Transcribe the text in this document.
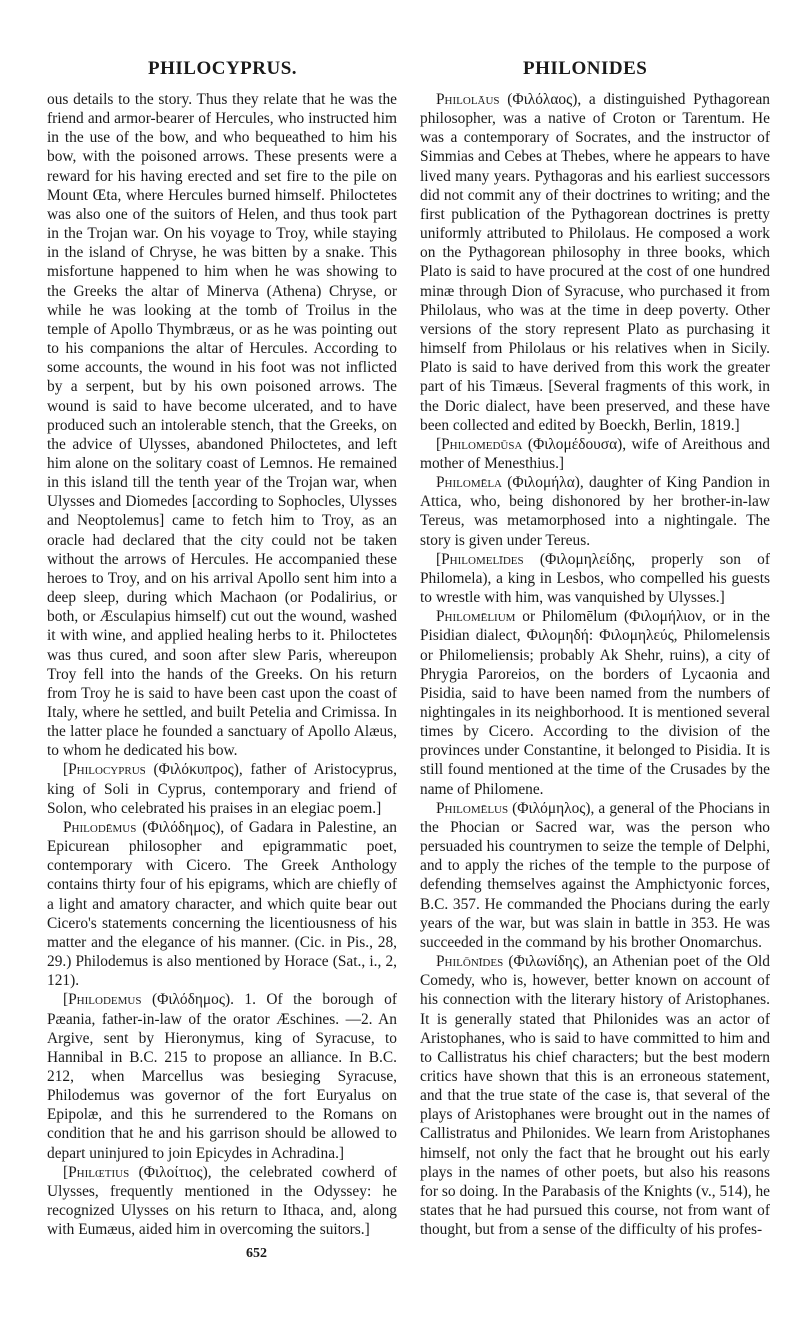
PHILOCYPRUS.	PHILONIDES

ous details to the story. Thus they relate that he was the friend and armor-bearer of Hercules, who instructed him in the use of the bow, and who bequeathed to him his bow, with the poisoned arrows. These presents were a reward for his having erected and set fire to the pile on Mount Œta, where Hercules burned himself. Philoctetes was also one of the suitors of Helen, and thus took part in the Trojan war. On his voyage to Troy, while staying in the island of Chryse, he was bitten by a snake. This misfortune happened to him when he was showing to the Greeks the altar of Minerva (Athena) Chryse, or while he was looking at the tomb of Troilus in the temple of Apollo Thymbræus, or as he was pointing out to his companions the altar of Hercules. According to some accounts, the wound in his foot was not inflicted by a serpent, but by his own poisoned arrows. The wound is said to have become ulcerated, and to have produced such an intolerable stench, that the Greeks, on the advice of Ulysses, abandoned Philoctetes, and left him alone on the solitary coast of Lemnos. He remained in this island till the tenth year of the Trojan war, when Ulysses and Diomedes [according to Sophocles, Ulysses and Neoptolemus] came to fetch him to Troy, as an oracle had declared that the city could not be taken without the arrows of Hercules. He accompanied these heroes to Troy, and on his arrival Apollo sent him into a deep sleep, during which Machaon (or Podalirius, or both, or Æsculapius himself) cut out the wound, washed it with wine, and applied healing herbs to it. Philoctetes was thus cured, and soon after slew Paris, whereupon Troy fell into the hands of the Greeks. On his return from Troy he is said to have been cast upon the coast of Italy, where he settled, and built Petelia and Crimissa. In the latter place he founded a sanctuary of Apollo Alæus, to whom he dedicated his bow.

[Philocyprus (Φιλόκυπρος), father of Aristocyprus, king of Soli in Cyprus, contemporary and friend of Solon, who celebrated his praises in an elegiac poem.]

Philodēmus (Φιλόδημος), of Gadara in Palestine, an Epicurean philosopher and epigrammatic poet, contemporary with Cicero. The Greek Anthology contains thirty four of his epigrams, which are chiefly of a light and amatory character, and which quite bear out Cicero's statements concerning the licentiousness of his matter and the elegance of his manner. (Cic. in Pis., 28, 29.) Philodemus is also mentioned by Horace (Sat., i., 2, 121).

[Philodemus (Φιλόδημος). 1. Of the borough of Pæania, father-in-law of the orator Æschines. —2. An Argive, sent by Hieronymus, king of Syracuse, to Hannibal in B.C. 215 to propose an alliance. In B.C. 212, when Marcellus was besieging Syracuse, Philodemus was governor of the fort Euryalus on Epipolæ, and this he surrendered to the Romans on condition that he and his garrison should be allowed to depart uninjured to join Epicydes in Achradina.]

[Philœtius (Φιλοίτιος), the celebrated cowherd of Ulysses, frequently mentioned in the Odyssey: he recognized Ulysses on his return to Ithaca, and, along with Eumæus, aided him in overcoming the suitors.]

Philolāus (Φιλόλαος), a distinguished Pythagorean philosopher, was a native of Croton or Tarentum. He was a contemporary of Socrates, and the instructor of Simmias and Cebes at Thebes, where he appears to have lived many years. Pythagoras and his earliest successors did not commit any of their doctrines to writing; and the first publication of the Pythagorean doctrines is pretty uniformly attributed to Philolaus. He composed a work on the Pythagorean philosophy in three books, which Plato is said to have procured at the cost of one hundred minæ through Dion of Syracuse, who purchased it from Philolaus, who was at the time in deep poverty. Other versions of the story represent Plato as purchasing it himself from Philolaus or his relatives when in Sicily. Plato is said to have derived from this work the greater part of his Timæus. [Several fragments of this work, in the Doric dialect, have been preserved, and these have been collected and edited by Boeckh, Berlin, 1819.]

[Philomedūsa (Φιλομέδουσα), wife of Areithous and mother of Menesthius.]

Philomēla (Φιλομήλα), daughter of King Pandion in Attica, who, being dishonored by her brother-in-law Tereus, was metamorphosed into a nightingale. The story is given under Tereus.

[Philomelīdes (Φιλομηλείδης, properly son of Philomela), a king in Lesbos, who compelled his guests to wrestle with him, was vanquished by Ulysses.]

Philomēlium or Philomēlum (Φιλομήλιον, or in the Pisidian dialect, Φιλομηδή: Φιλομηλεύς, Philomelensis or Philomeliensis; probably Ak Shehr, ruins), a city of Phrygia Paroreios, on the borders of Lycaonia and Pisidia, said to have been named from the numbers of nightingales in its neighborhood. It is mentioned several times by Cicero. According to the division of the provinces under Constantine, it belonged to Pisidia. It is still found mentioned at the time of the Crusades by the name of Philomene.

Philomēlus (Φιλόμηλος), a general of the Phocians in the Phocian or Sacred war, was the person who persuaded his countrymen to seize the temple of Delphi, and to apply the riches of the temple to the purpose of defending themselves against the Amphictyonic forces, B.C. 357. He commanded the Phocians during the early years of the war, but was slain in battle in 353. He was succeeded in the command by his brother Onomarchus.

Philōnīdes (Φιλωνίδης), an Athenian poet of the Old Comedy, who is, however, better known on account of his connection with the literary history of Aristophanes. It is generally stated that Philonides was an actor of Aristophanes, who is said to have committed to him and to Callistratus his chief characters; but the best modern critics have shown that this is an erroneous statement, and that the true state of the case is, that several of the plays of Aristophanes were brought out in the names of Callistratus and Philonides. We learn from Aristophanes himself, not only the fact that he brought out his early plays in the names of other poets, but also his reasons for so doing. In the Parabasis of the Knights (v., 514), he states that he had pursued this course, not from want of thought, but from a sense of the difficulty of his profes-

652
